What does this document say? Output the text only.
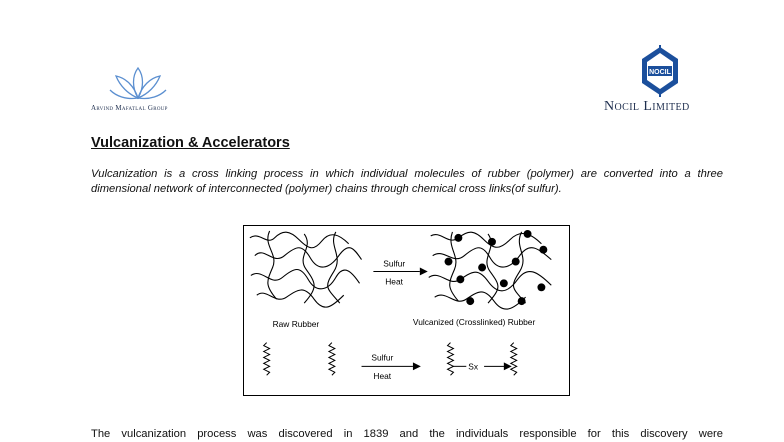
Arvind Mafatlal Group
NOCIL
Nocil Limited
Vulcanization & Accelerators
Vulcanization is a cross linking process in which individual molecules of rubber (polymer) are converted into a three dimensional network of interconnected (polymer) chains through chemical cross links(of sulfur).
Raw Rubber
Sulfur
Heat
Vulcanized (Crosslinked) Rubber
Sulfur
Heat
Sx
The vulcanization process was discovered in 1839 and the individuals responsible for this discovery were
